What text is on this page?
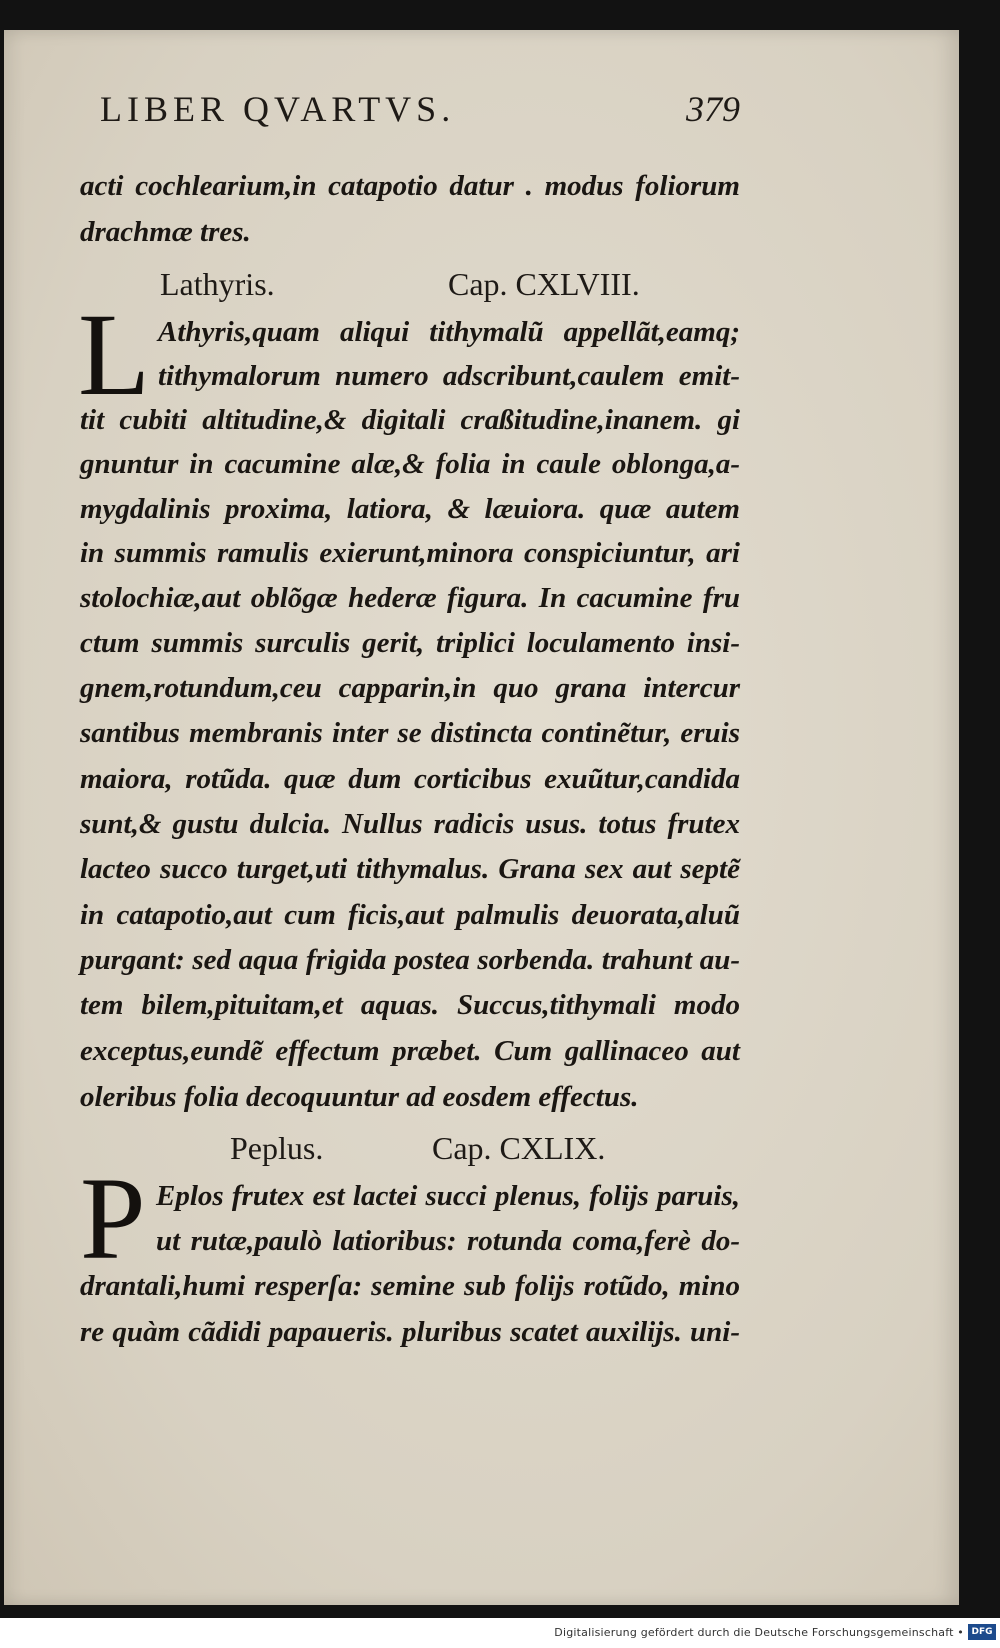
LIBER QVARTVS.	379
acti cochlearium,in catapotio datur . modus foliorum
drachmæ tres.
Lathyris.	Cap. CXLVIII.
L Athyris,quam aliqui tithymalũ appellãt,eamq;
tithymalorum numero adscribunt,caulem emit-
tit cubiti altitudine,& digitali craßitudine,inanem. gi
gnuntur in cacumine alæ,& folia in caule oblonga,a-
mygdalinis proxima, latiora, & læuiora. quæ autem
in summis ramulis exierunt,minora conspiciuntur, ari
stolochiæ,aut oblõgæ hederæ figura. In cacumine fru
ctum summis surculis gerit, triplici loculamento insi-
gnem,rotundum,ceu capparin,in quo grana intercur
santibus membranis inter se distincta continẽtur, eruis
maiora, rotũda. quæ dum corticibus exuũtur,candida
sunt,& gustu dulcia. Nullus radicis usus. totus frutex
lacteo succo turget,uti tithymalus. Grana sex aut septẽ
in catapotio,aut cum ficis,aut palmulis deuorata,aluũ
purgant: sed aqua frigida postea sorbenda. trahunt au-
tem bilem,pituitam,et aquas. Succus,tithymali modo
exceptus,eundẽ effectum præbet. Cum gallinaceo aut
oleribus folia decoquuntur ad eosdem effectus.
Peplus.	Cap. CXLIX.
P Eplos frutex est lactei succi plenus, folijs paruis,
ut rutæ,paulò latioribus: rotunda coma,ferè do-
drantali,humi resperſa: semine sub folijs rotũdo, mino
re quàm cãdidi papaueris. pluribus scatet auxilijs. uni-
Digitalisierung gefördert durch die Deutsche Forschungsgemeinschaft • DFG
